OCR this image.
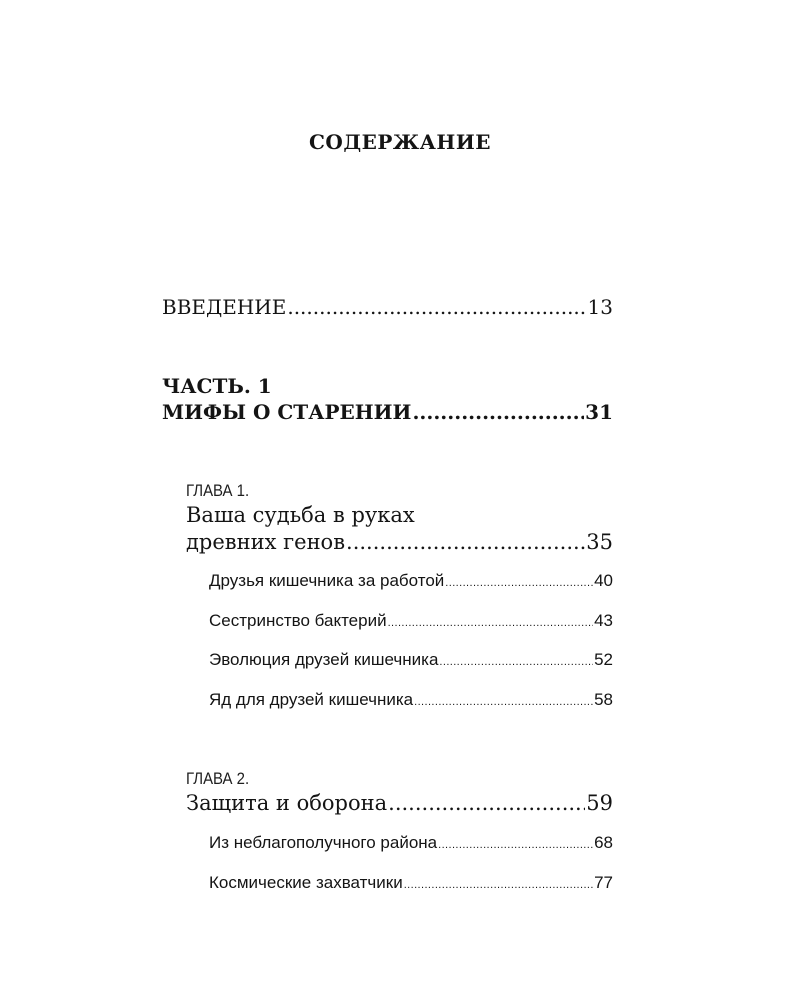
СОДЕРЖАНИЕ
ВВЕДЕНИЕ .....	13
ЧАСТЬ. 1
МИФЫ О СТАРЕНИИ .....	31
ГЛАВА 1.
Ваша судьба в руках
древних генов .....	35
Друзья кишечника за работой .....	40
Сестринство бактерий .....	43
Эволюция друзей кишечника .....	52
Яд для друзей кишечника .....	58
ГЛАВА 2.
Защита и оборона .....	59
Из неблагополучного района .....	68
Космические захватчики .....	77
